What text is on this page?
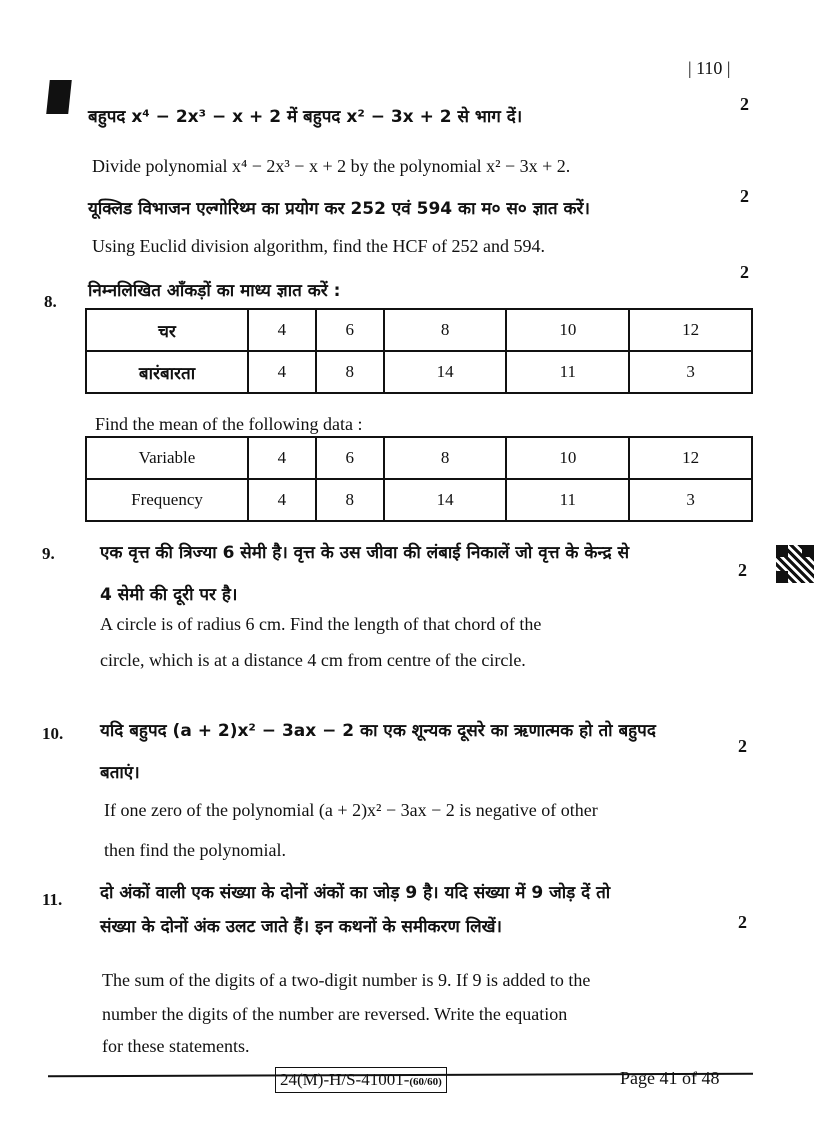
| 110 |
बहुपद x⁴ − 2x³ − x + 2 में बहुपद x² − 3x + 2 से भाग दें।
2
Divide polynomial x⁴ − 2x³ − x + 2 by the polynomial x² − 3x + 2.
यूक्लिड विभाजन एल्गोरिथ्म का प्रयोग कर 252 एवं 594 का म० स० ज्ञात करें।
2
Using Euclid division algorithm, find the HCF of 252 and 594.
8.
निम्नलिखित आँकड़ों का माध्य ज्ञात करें :
2
चर	4	6	8	10	12
बारंबारता	4	8	14	11	3
Find the mean of the following data :
Variable	4	6	8	10	12
Frequency	4	8	14	11	3
9.	एक वृत्त की त्रिज्या 6 सेमी है। वृत्त के उस जीवा की लंबाई निकालें जो वृत्त के केन्द्र से
2
4 सेमी की दूरी पर है।
A circle is of radius 6 cm. Find the length of that chord of the
circle, which is at a distance 4 cm from centre of the circle.
10. यदि बहुपद (a + 2)x² − 3ax − 2 का एक शून्यक दूसरे का ऋणात्मक हो तो बहुपद
2
बताएं।
If one zero of the polynomial (a + 2)x² − 3ax − 2 is negative of other
then find the polynomial.
11. दो अंकों वाली एक संख्या के दोनों अंकों का जोड़ 9 है। यदि संख्या में 9 जोड़ दें तो
संख्या के दोनों अंक उलट जाते हैं। इन कथनों के समीकरण लिखें।	2
The sum of the digits of a two-digit number is 9. If 9 is added to the
number the digits of the number are reversed. Write the equation
for these statements.
24(M)-H/S-41001-(60/60)	Page 41 of 48
